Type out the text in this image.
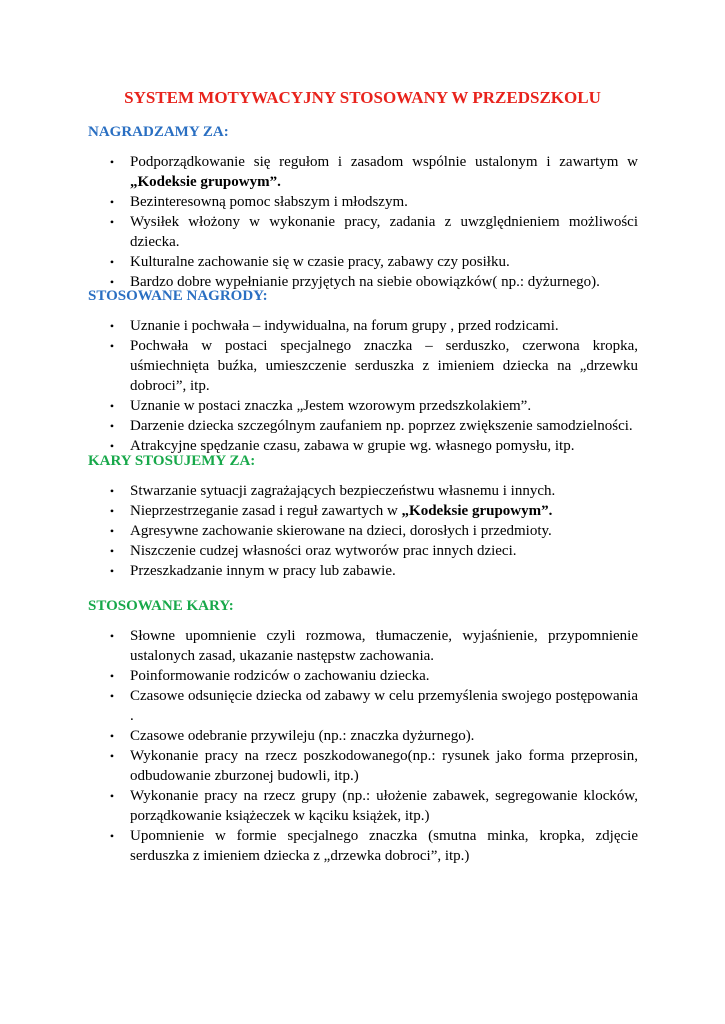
SYSTEM MOTYWACYJNY STOSOWANY W PRZEDSZKOLU
NAGRADZAMY ZA:
• Podporządkowanie się regułom i zasadom wspólnie ustalonym i zawartym w „Kodeksie grupowym”.
• Bezinteresowną pomoc słabszym i młodszym.
• Wysiłek włożony w wykonanie pracy, zadania z uwzględnieniem możliwości dziecka.
• Kulturalne zachowanie się w czasie pracy, zabawy czy posiłku.
• Bardzo dobre wypełnianie przyjętych na siebie obowiązków( np.: dyżurnego).
STOSOWANE NAGRODY:
• Uznanie i pochwała – indywidualna, na forum grupy , przed rodzicami.
• Pochwała w postaci specjalnego znaczka – serduszko, czerwona kropka, uśmiechnięta buźka, umieszczenie serduszka z imieniem dziecka na „drzewku dobroci”, itp.
• Uznanie w postaci znaczka „Jestem wzorowym przedszkolakiem”.
• Darzenie dziecka szczególnym zaufaniem np. poprzez zwiększenie samodzielności.
• Atrakcyjne spędzanie czasu, zabawa w grupie wg. własnego pomysłu, itp.
KARY STOSUJEMY ZA:
• Stwarzanie sytuacji zagrażających bezpieczeństwu własnemu i innych.
• Nieprzestrzeganie zasad i reguł zawartych w „Kodeksie grupowym”.
• Agresywne zachowanie skierowane na dzieci, dorosłych i przedmioty.
• Niszczenie cudzej własności oraz wytworów prac innych dzieci.
• Przeszkadzanie innym w pracy lub zabawie.
STOSOWANE KARY:
• Słowne upomnienie czyli rozmowa, tłumaczenie, wyjaśnienie, przypomnienie ustalonych zasad, ukazanie następstw zachowania.
• Poinformowanie rodziców o zachowaniu dziecka.
• Czasowe odsunięcie dziecka od zabawy w celu przemyślenia swojego postępowania .
• Czasowe odebranie przywileju (np.: znaczka dyżurnego).
• Wykonanie pracy na rzecz poszkodowanego(np.: rysunek jako forma przeprosin, odbudowanie zburzonej budowli, itp.)
• Wykonanie pracy na rzecz grupy (np.: ułożenie zabawek, segregowanie klocków, porządkowanie książeczek w kąciku książek, itp.)
• Upomnienie w formie specjalnego znaczka (smutna minka, kropka, zdjęcie serduszka z imieniem dziecka z „drzewka dobroci”, itp.)
